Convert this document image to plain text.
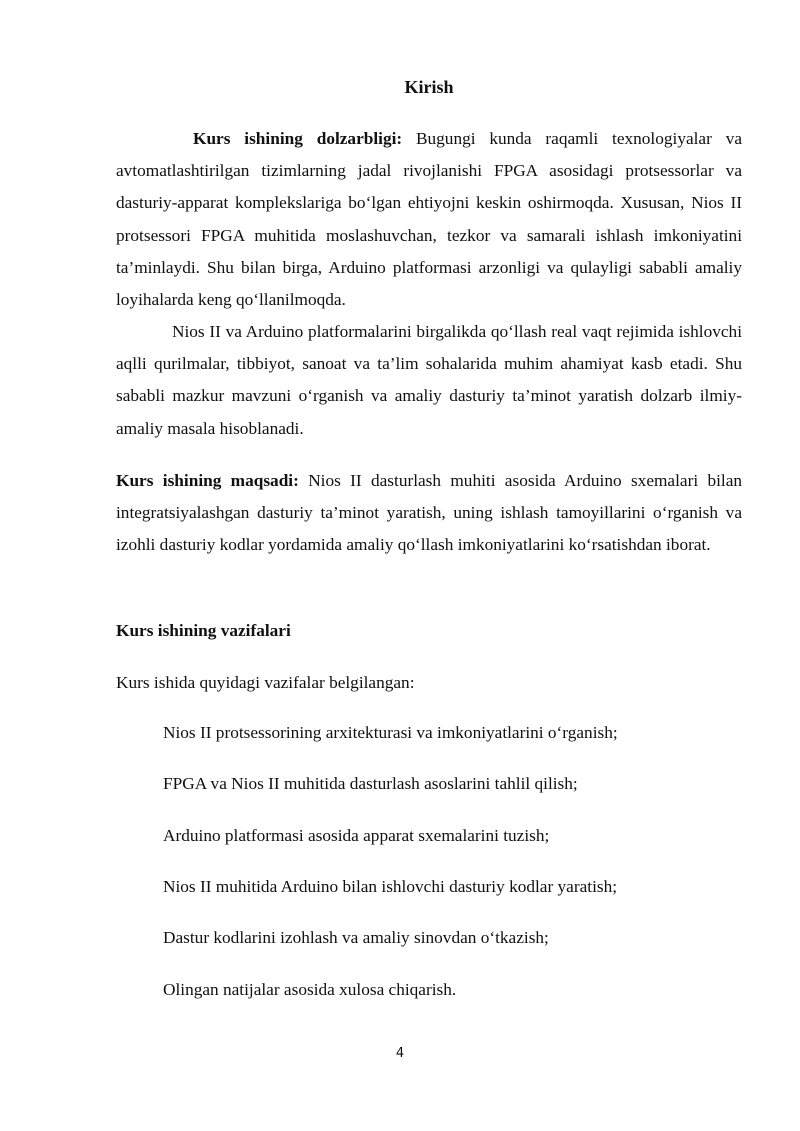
Kirish
Kurs ishining dolzarbligi: Bugungi kunda raqamli texnologiyalar va avtomatlashtirilgan tizimlarning jadal rivojlanishi FPGA asosidagi protsessorlar va dasturiy-apparat komplekslariga bo‘lgan ehtiyojni keskin oshirmoqda. Xususan, Nios II protsessori FPGA muhitida moslashuvchan, tezkor va samarali ishlash imkoniyatini ta’minlaydi. Shu bilan birga, Arduino platformasi arzonligi va qulayligi sababli amaliy loyihalarda keng qo‘llanilmoqda.
Nios II va Arduino platformalarini birgalikda qo‘llash real vaqt rejimida ishlovchi aqlli qurilmalar, tibbiyot, sanoat va ta’lim sohalarida muhim ahamiyat kasb etadi. Shu sababli mazkur mavzuni o‘rganish va amaliy dasturiy ta’minot yaratish dolzarb ilmiy-amaliy masala hisoblanadi.
Kurs ishining maqsadi: Nios II dasturlash muhiti asosida Arduino sxemalari bilan integratsiyalashgan dasturiy ta’minot yaratish, uning ishlash tamoyillarini o‘rganish va izohli dasturiy kodlar yordamida amaliy qo‘llash imkoniyatlarini ko‘rsatishdan iborat.
Kurs ishining vazifalari
Kurs ishida quyidagi vazifalar belgilangan:
Nios II protsessorining arxitekturasi va imkoniyatlarini o‘rganish;
FPGA va Nios II muhitida dasturlash asoslarini tahlil qilish;
Arduino platformasi asosida apparat sxemalarini tuzish;
Nios II muhitida Arduino bilan ishlovchi dasturiy kodlar yaratish;
Dastur kodlarini izohlash va amaliy sinovdan o‘tkazish;
Olingan natijalar asosida xulosa chiqarish.
4
